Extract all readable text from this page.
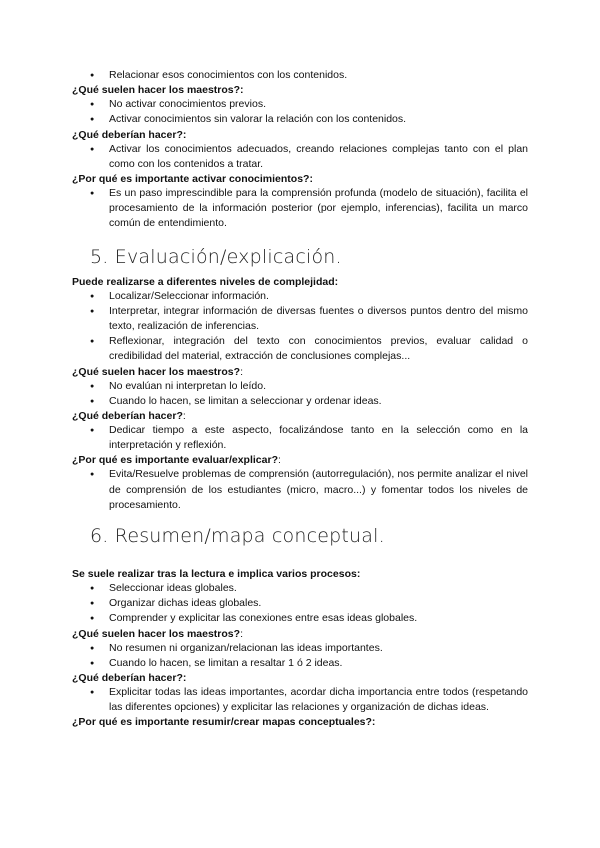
● Relacionar esos conocimientos con los contenidos.

¿Qué suelen hacer los maestros?:

● No activar conocimientos previos.
● Activar conocimientos sin valorar la relación con los contenidos.

¿Qué deberían hacer?:

● Activar los conocimientos adecuados, creando relaciones complejas tanto con el plan como con los contenidos a tratar.

¿Por qué es importante activar conocimientos?:

● Es un paso imprescindible para la comprensión profunda (modelo de situación), facilita el procesamiento de la información posterior (por ejemplo, inferencias), facilita un marco común de entendimiento.
5. Evaluación/explicación.

Puede realizarse a diferentes niveles de complejidad:

● Localizar/Seleccionar información.
● Interpretar, integrar información de diversas fuentes o diversos puntos dentro del mismo texto, realización de inferencias.
● Reflexionar, integración del texto con conocimientos previos, evaluar calidad o credibilidad del material, extracción de conclusiones complejas...

¿Qué suelen hacer los maestros?:

● No evalúan ni interpretan lo leído.
● Cuando lo hacen, se limitan a seleccionar y ordenar ideas.

¿Qué deberían hacer?:

● Dedicar tiempo a este aspecto, focalizándose tanto en la selección como en la interpretación y reflexión.

¿Por qué es importante evaluar/explicar?:

● Evita/Resuelve problemas de comprensión (autorregulación), nos permite analizar el nivel de comprensión de los estudiantes (micro, macro...) y fomentar todos los niveles de procesamiento.
6. Resumen/mapa conceptual.

Se suele realizar tras la lectura e implica varios procesos:

● Seleccionar ideas globales.
● Organizar dichas ideas globales.
● Comprender y explicitar las conexiones entre esas ideas globales.

¿Qué suelen hacer los maestros?:

● No resumen ni organizan/relacionan las ideas importantes.
● Cuando lo hacen, se limitan a resaltar 1 ó 2 ideas.

¿Qué deberían hacer?:

● Explicitar todas las ideas importantes, acordar dicha importancia entre todos (respetando las diferentes opciones) y explicitar las relaciones y organización de dichas ideas.

¿Por qué es importante resumir/crear mapas conceptuales?:
